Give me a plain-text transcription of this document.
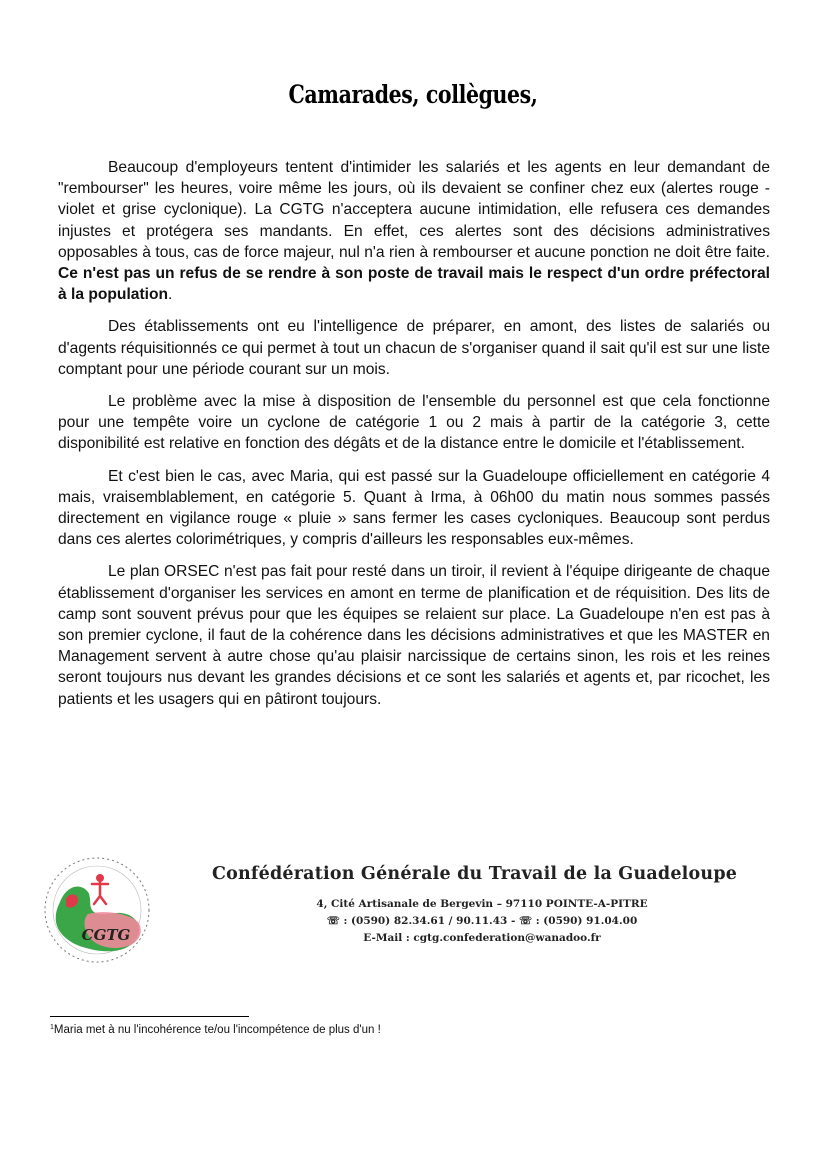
Camarades, collègues,

Beaucoup d'employeurs tentent d'intimider les salariés et les agents en leur demandant de "rembourser" les heures, voire même les jours, où ils devaient se confiner chez eux (alertes rouge - violet et grise cyclonique). La CGTG n'acceptera aucune intimidation, elle refusera ces demandes injustes et protégera ses mandants. En effet, ces alertes sont des décisions administratives opposables à tous, cas de force majeur, nul n'a rien à rembourser et aucune ponction ne doit être faite. Ce n'est pas un refus de se rendre à son poste de travail mais le respect d'un ordre préfectoral à la population.

Des établissements ont eu l'intelligence de préparer, en amont, des listes de salariés ou d'agents réquisitionnés ce qui permet à tout un chacun de s'organiser quand il sait qu'il est sur une liste comptant pour une période courant sur un mois.

Le problème avec la mise à disposition de l'ensemble du personnel est que cela fonctionne pour une tempête voire un cyclone de catégorie 1 ou 2 mais à partir de la catégorie 3, cette disponibilité est relative en fonction des dégâts et de la distance entre le domicile et l'établissement.

Et c'est bien le cas, avec Maria, qui est passé sur la Guadeloupe officiellement en catégorie 4 mais, vraisemblablement, en catégorie 5. Quant à Irma, à 06h00 du matin nous sommes passés directement en vigilance rouge « pluie » sans fermer les cases cycloniques. Beaucoup sont perdus dans ces alertes colorimétriques, y compris d'ailleurs les responsables eux-mêmes.

Le plan ORSEC n'est pas fait pour resté dans un tiroir, il revient à l'équipe dirigeante de chaque établissement d'organiser les services en amont en terme de planification et de réquisition. Des lits de camp sont souvent prévus pour que les équipes se relaient sur place. La Guadeloupe n'en est pas à son premier cyclone, il faut de la cohérence dans les décisions administratives et que les MASTER en Management servent à autre chose qu'au plaisir narcissique de certains sinon, les rois et les reines seront toujours nus devant les grandes décisions et ce sont les salariés et agents et, par ricochet, les patients et les usagers qui en pâtiront toujours.

CGTG
Confédération Générale du Travail de la Guadeloupe
4, Cité Artisanale de Bergevin – 97110 POINTE-A-PITRE
☏ : (0590) 82.34.61 / 90.11.43 - ☏ : (0590) 91.04.00
E-Mail : cgtg.confederation@wanadoo.fr
$^1$Maria met à nu l'incohérence te/ou l'incompétence de plus d'un !
